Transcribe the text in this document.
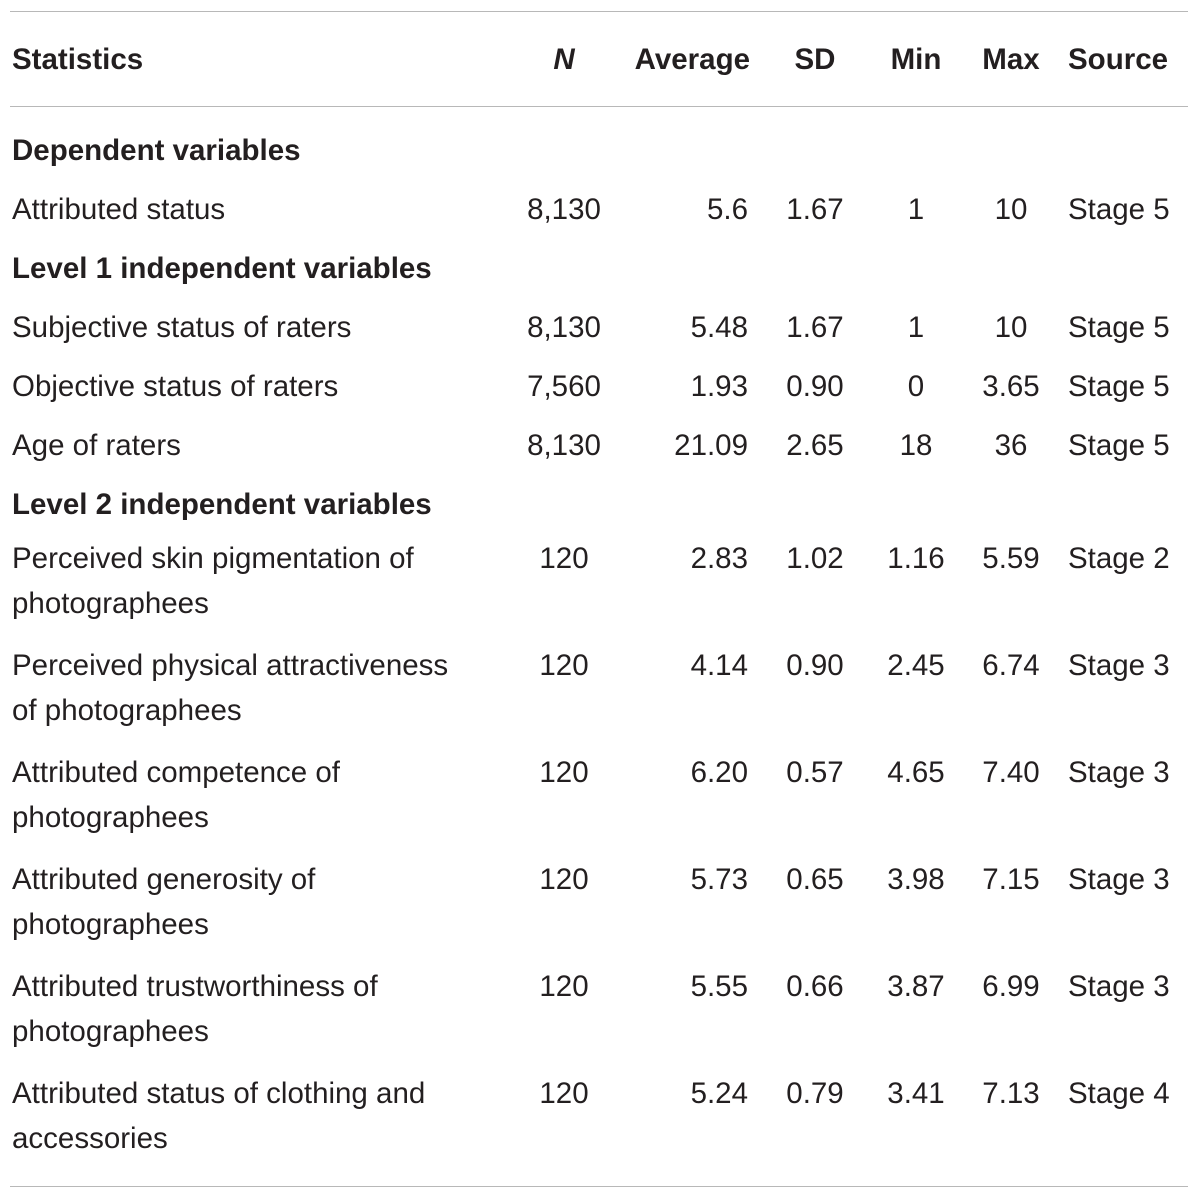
Statistics	N	Average	SD	Min	Max	Source

Dependent variables						
Attributed status	8,130	5.6	1.67	1	10	Stage 5
Level 1 independent variables						
Subjective status of raters	8,130	5.48	1.67	1	10	Stage 5
Objective status of raters	7,560	1.93	0.90	0	3.65	Stage 5
Age of raters	8,130	21.09	2.65	18	36	Stage 5
Level 2 independent variables						
Perceived skin pigmentation of
photographees	120	2.83	1.02	1.16	5.59	Stage 2
Perceived physical attractiveness
of photographees	120	4.14	0.90	2.45	6.74	Stage 3
Attributed competence of
photographees	120	6.20	0.57	4.65	7.40	Stage 3
Attributed generosity of
photographees	120	5.73	0.65	3.98	7.15	Stage 3
Attributed trustworthiness of
photographees	120	5.55	0.66	3.87	6.99	Stage 3
Attributed status of clothing and
accessories	120	5.24	0.79	3.41	7.13	Stage 4
